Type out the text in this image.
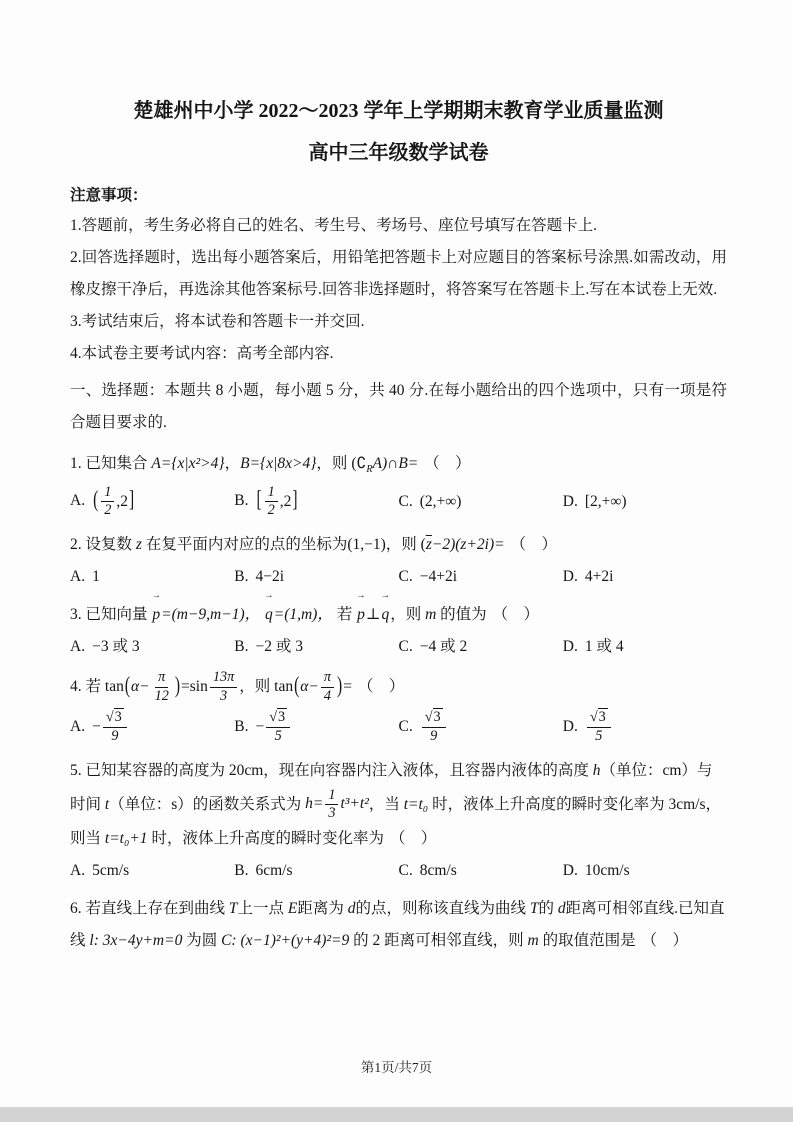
楚雄州中小学 2022～2023 学年上学期期末教育学业质量监测
高中三年级数学试卷
注意事项：

1.答题前，考生务必将自己的姓名、考生号、考场号、座位号填写在答题卡上.

2.回答选择题时，选出每小题答案后，用铅笔把答题卡上对应题目的答案标号涂黑.如需改动，用橡皮擦干净后，再选涂其他答案标号.回答非选择题时，将答案写在答题卡上.写在本试卷上无效.

3.考试结束后，将本试卷和答题卡一并交回.

4.本试卷主要考试内容：高考全部内容.

一、选择题：本题共 8 小题，每小题 5 分，共 40 分.在每小题给出的四个选项中，只有一项是符合题目要求的.

1. 已知集合 A={x|x²>4}，B={x|8x>4}，则 $(∁_RA)\cap B=$ （　）

A. ( $\frac{1}{2} ,2$]	B. [ $\frac{1}{2} ,2$]	C. (2,+∞)	D. [2,+∞)

2. 设复数 z 在复平面内对应的点的坐标为(1,−1)，则 $(\overline{z}-2)(z+2i)=$ （　）

A. 1	B. 4−2i	C. −4+2i	D. 4+2i

3. 已知向量
→
p=(m−9,m−1)，
→
q=(1,m)， 若
→
p⊥
→
q，则 m 的值为 （　）

A. −3 或 3	B. −2 或 3	C. −4 或 2	D. 1 或 4

4. 若 $\tan(\alpha- \frac{\pi}{12} )=\sin \frac{13\pi}{3}$ ，则 $\tan(\alpha- \frac{\pi}{4}$ )= （　）

A. − $\frac{√3}{9}$	B. − $\frac{√3}{5}$	C. $\frac{√3}{9}$	D. $\frac{√3}{5}$

5. 已知某容器的高度为 20cm，现在向容器内注入液体，且容器内液体的高度 h（单位：cm）与时间 t（单位：s）的函数关系式为 $h= \frac{1}{3} t^3+t^2$，当 t=t₀ 时，液体上升高度的瞬时变化率为 3cm/s，则当 t=t₀+1 时，液体上升高度的瞬时变化率为 （　）

A. 5cm/s	B. 6cm/s	C. 8cm/s	D. 10cm/s

6. 若直线上存在到曲线 T上一点 E距离为 d的点，则称该直线为曲线 T的 d距离可相邻直线.已知直线 l: 3x−4y+m=0 为圆 C: (x−1)²+(y+4)²=9 的 2 距离可相邻直线，则 m 的取值范围是 （　）

第1页/共7页
